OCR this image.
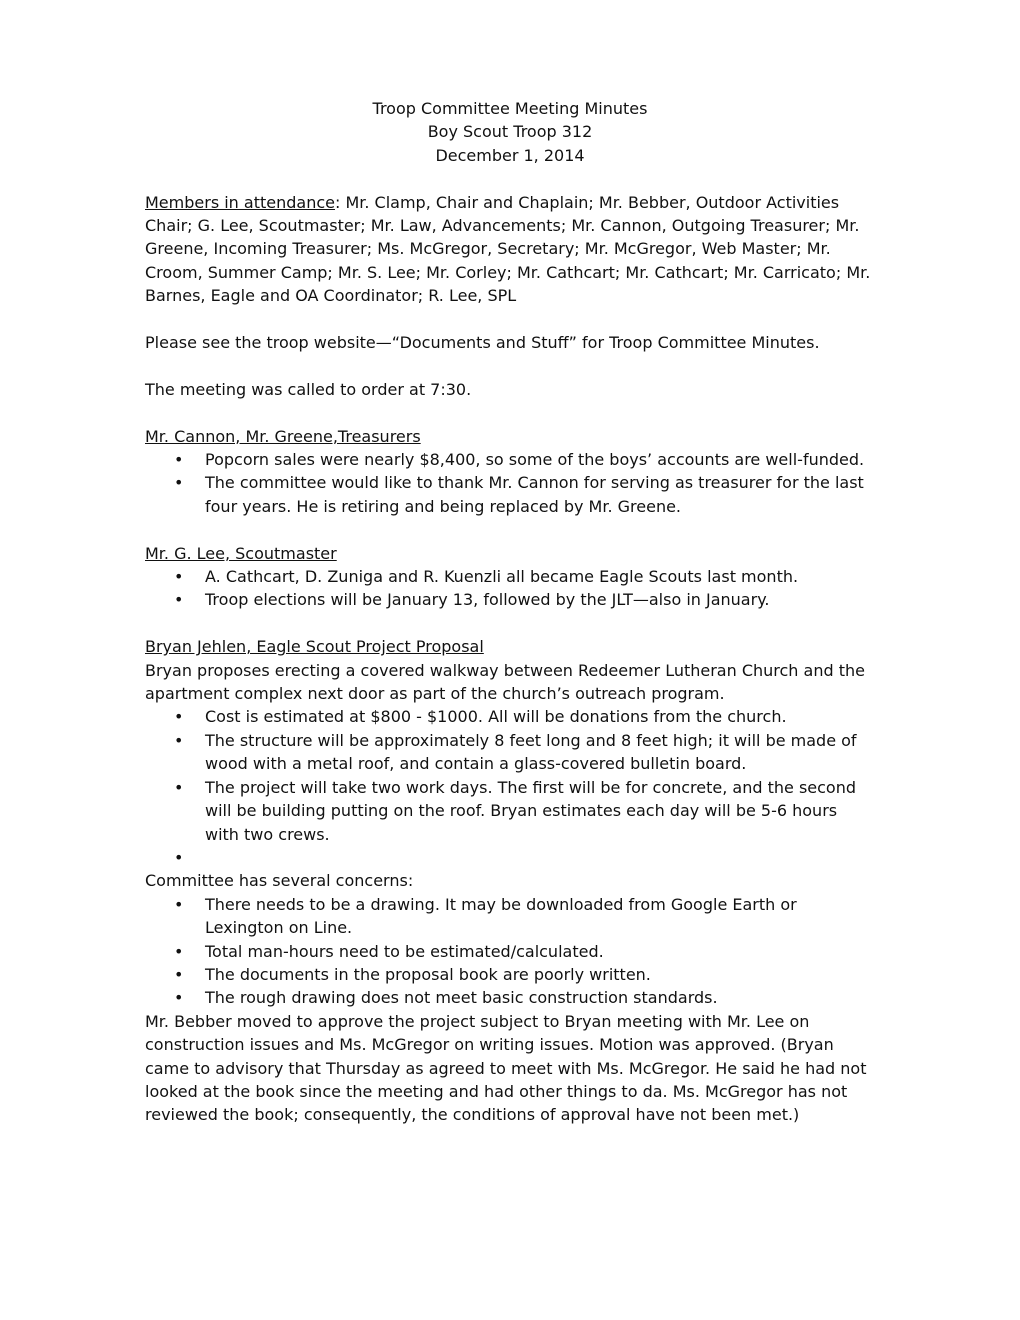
Troop Committee Meeting Minutes

Boy Scout Troop 312

December 1, 2014

Members in attendance: Mr. Clamp, Chair and Chaplain; Mr. Bebber, Outdoor Activities Chair; G. Lee, Scoutmaster; Mr. Law, Advancements; Mr. Cannon, Outgoing Treasurer; Mr. Greene, Incoming Treasurer; Ms. McGregor, Secretary; Mr. McGregor, Web Master; Mr. Croom, Summer Camp; Mr. S. Lee; Mr. Corley; Mr. Cathcart; Mr. Cathcart; Mr. Carricato; Mr. Barnes, Eagle and OA Coordinator; R. Lee, SPL

Please see the troop website—“Documents and Stuff” for Troop Committee Minutes.

The meeting was called to order at 7:30.

Mr. Cannon, Mr. Greene,Treasurers

• Popcorn sales were nearly $8,400, so some of the boys’ accounts are well-funded.
• The committee would like to thank Mr. Cannon for serving as treasurer for the last four years. He is retiring and being replaced by Mr. Greene.

Mr. G. Lee, Scoutmaster

• A. Cathcart, D. Zuniga and R. Kuenzli all became Eagle Scouts last month.
• Troop elections will be January 13, followed by the JLT—also in January.

Bryan Jehlen, Eagle Scout Project Proposal

Bryan proposes erecting a covered walkway between Redeemer Lutheran Church and the apartment complex next door as part of the church’s outreach program.

• Cost is estimated at $800 - $1000. All will be donations from the church.
• The structure will be approximately 8 feet long and 8 feet high; it will be made of wood with a metal roof, and contain a glass-covered bulletin board.
• The project will take two work days. The first will be for concrete, and the second will be building putting on the roof. Bryan estimates each day will be 5-6 hours with two crews.
•

Committee has several concerns:

• There needs to be a drawing. It may be downloaded from Google Earth or Lexington on Line.
• Total man-hours need to be estimated/calculated.
• The documents in the proposal book are poorly written.
• The rough drawing does not meet basic construction standards.

Mr. Bebber moved to approve the project subject to Bryan meeting with Mr. Lee on construction issues and Ms. McGregor on writing issues. Motion was approved. (Bryan came to advisory that Thursday as agreed to meet with Ms. McGregor. He said he had not looked at the book since the meeting and had other things to da. Ms. McGregor has not reviewed the book; consequently, the conditions of approval have not been met.)
